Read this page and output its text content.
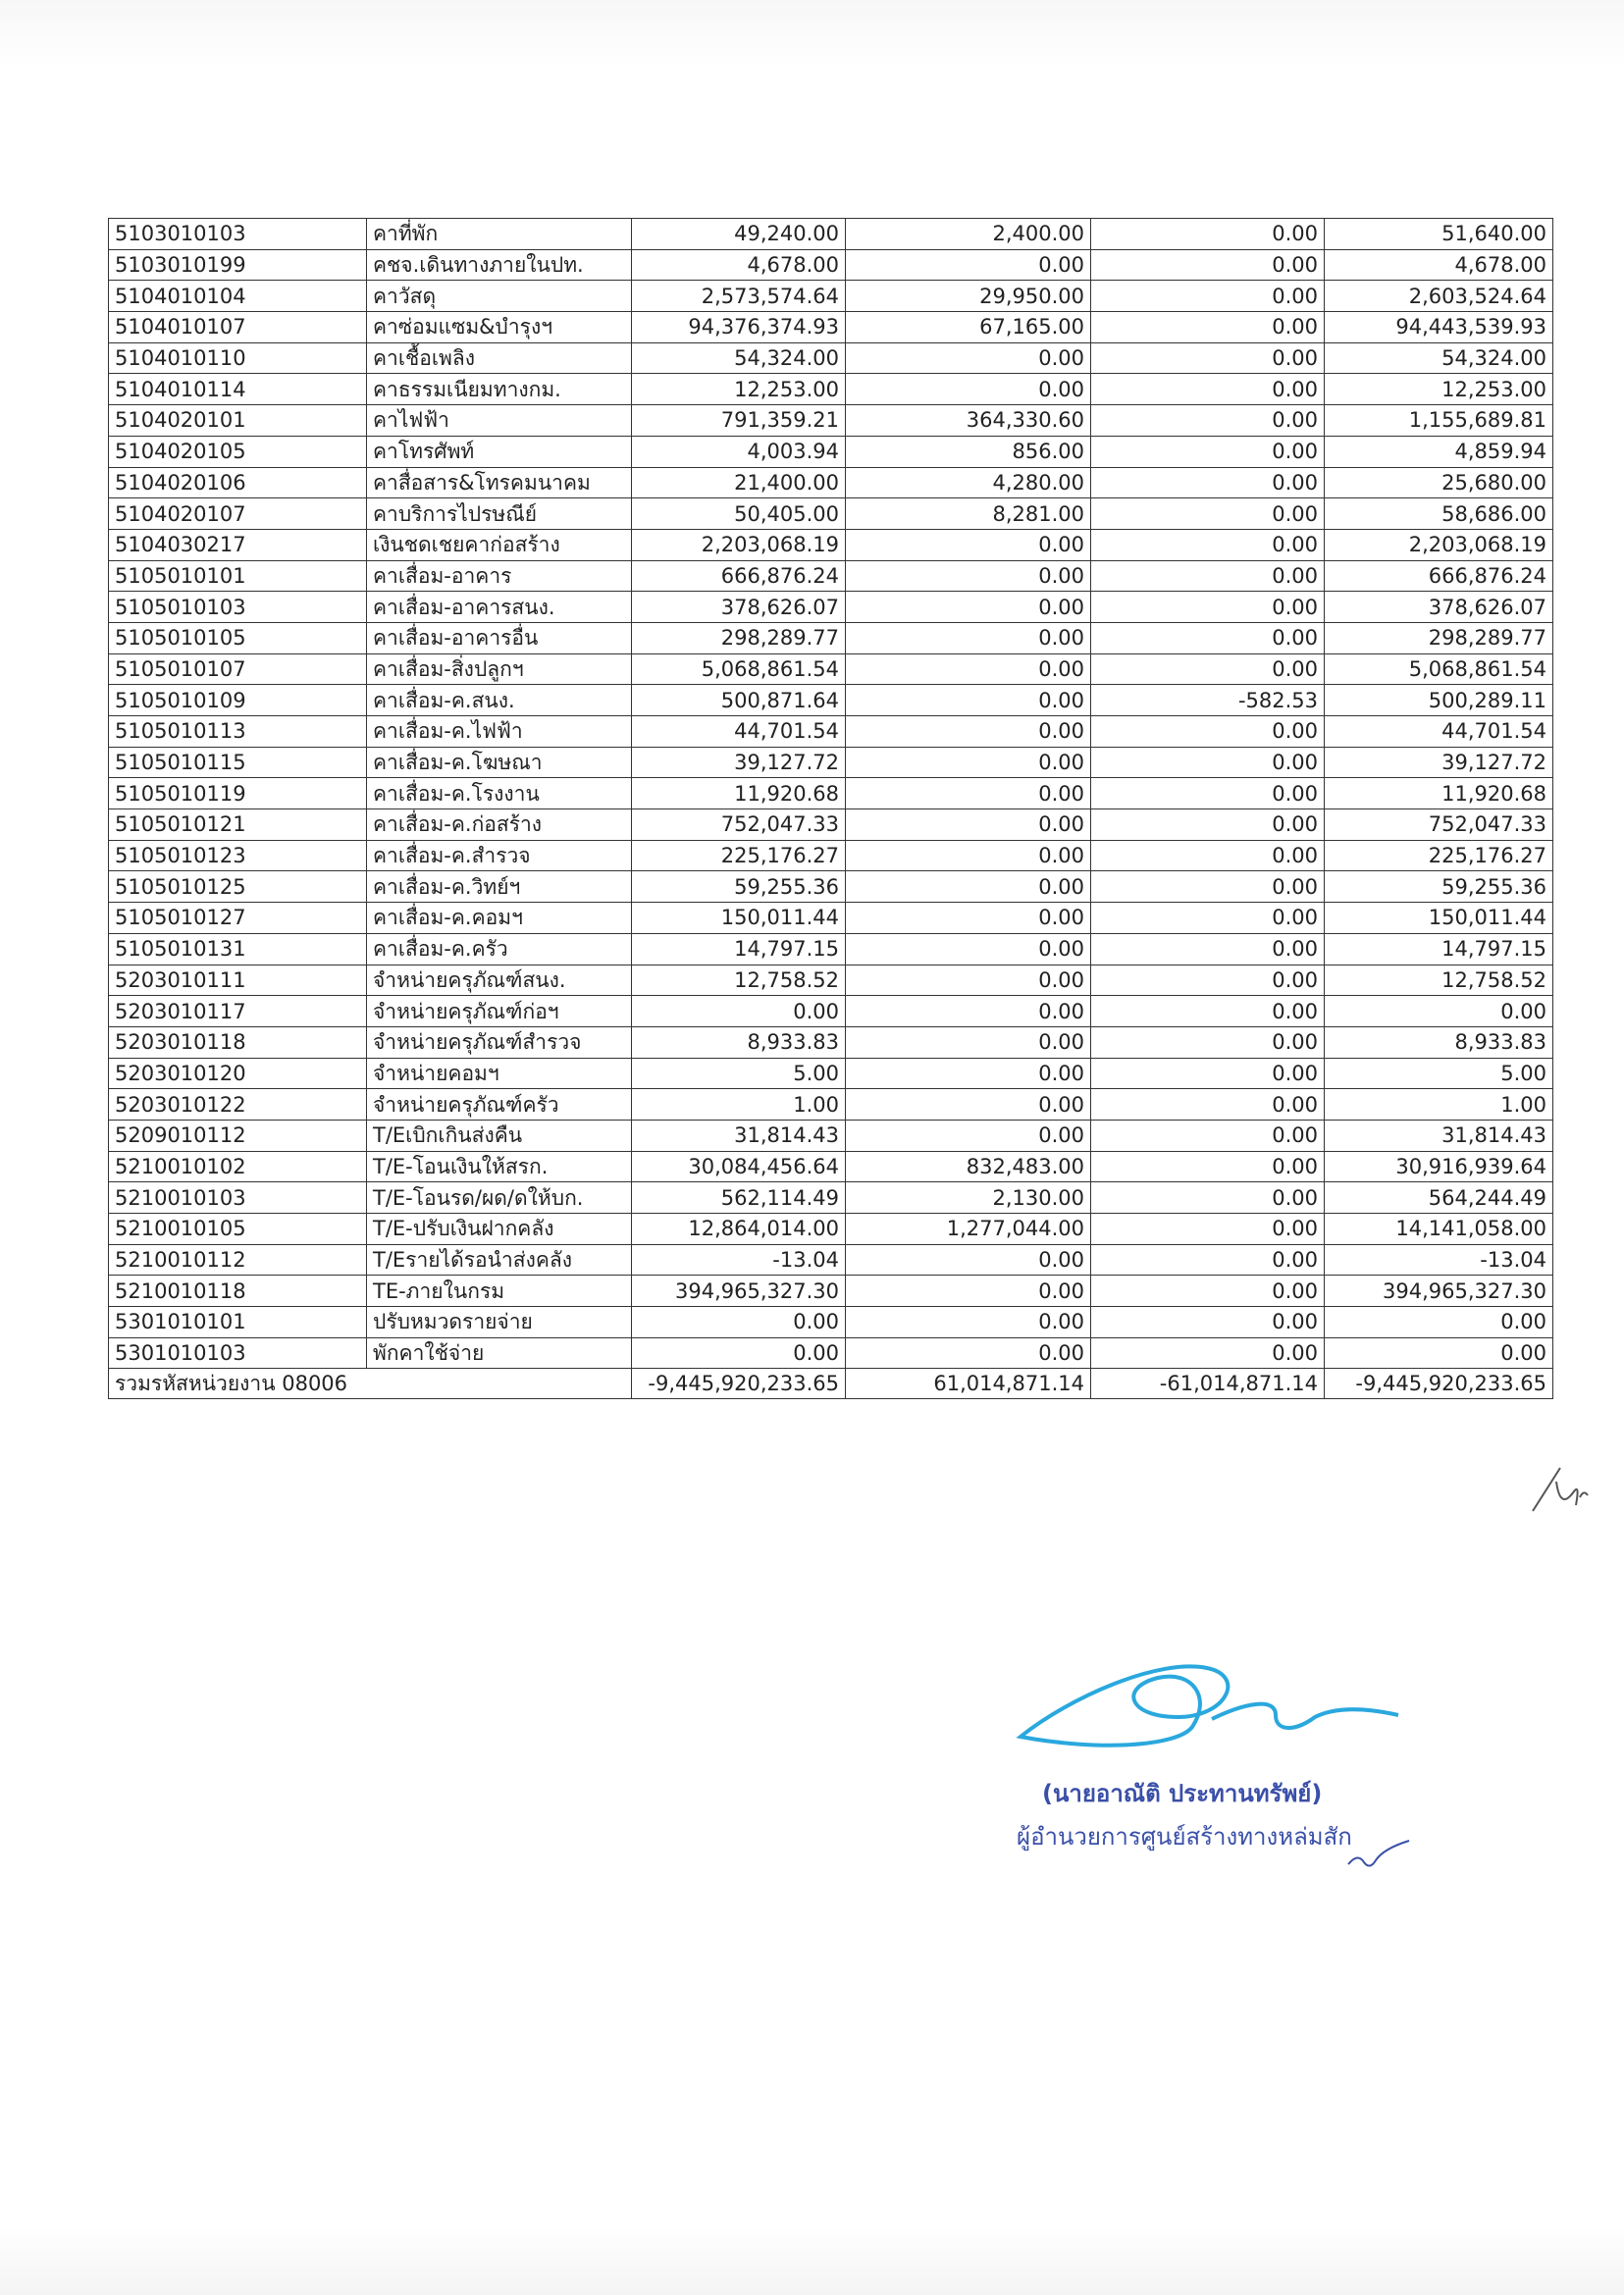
5103010103	คาที่พัก	49,240.00	2,400.00	0.00	51,640.00
5103010199	คชจ.เดินทางภายในปท.	4,678.00	0.00	0.00	4,678.00
5104010104	คาวัสดุ	2,573,574.64	29,950.00	0.00	2,603,524.64
5104010107	คาซ่อมแซม&บำรุงฯ	94,376,374.93	67,165.00	0.00	94,443,539.93
5104010110	คาเชื้อเพลิง	54,324.00	0.00	0.00	54,324.00
5104010114	คาธรรมเนียมทางกม.	12,253.00	0.00	0.00	12,253.00
5104020101	คาไฟฟ้า	791,359.21	364,330.60	0.00	1,155,689.81
5104020105	คาโทรศัพท์	4,003.94	856.00	0.00	4,859.94
5104020106	คาสื่อสาร&โทรคมนาคม	21,400.00	4,280.00	0.00	25,680.00
5104020107	คาบริการไปรษณีย์	50,405.00	8,281.00	0.00	58,686.00
5104030217	เงินชดเชยคาก่อสร้าง	2,203,068.19	0.00	0.00	2,203,068.19
5105010101	คาเสื่อม-อาคาร	666,876.24	0.00	0.00	666,876.24
5105010103	คาเสื่อม-อาคารสนง.	378,626.07	0.00	0.00	378,626.07
5105010105	คาเสื่อม-อาคารอื่น	298,289.77	0.00	0.00	298,289.77
5105010107	คาเสื่อม-สิ่งปลูกฯ	5,068,861.54	0.00	0.00	5,068,861.54
5105010109	คาเสื่อม-ค.สนง.	500,871.64	0.00	-582.53	500,289.11
5105010113	คาเสื่อม-ค.ไฟฟ้า	44,701.54	0.00	0.00	44,701.54
5105010115	คาเสื่อม-ค.โฆษณา	39,127.72	0.00	0.00	39,127.72
5105010119	คาเสื่อม-ค.โรงงาน	11,920.68	0.00	0.00	11,920.68
5105010121	คาเสื่อม-ค.ก่อสร้าง	752,047.33	0.00	0.00	752,047.33
5105010123	คาเสื่อม-ค.สำรวจ	225,176.27	0.00	0.00	225,176.27
5105010125	คาเสื่อม-ค.วิทย์ฯ	59,255.36	0.00	0.00	59,255.36
5105010127	คาเสื่อม-ค.คอมฯ	150,011.44	0.00	0.00	150,011.44
5105010131	คาเสื่อม-ค.ครัว	14,797.15	0.00	0.00	14,797.15
5203010111	จำหน่ายครุภัณฑ์สนง.	12,758.52	0.00	0.00	12,758.52
5203010117	จำหน่ายครุภัณฑ์ก่อฯ	0.00	0.00	0.00	0.00
5203010118	จำหน่ายครุภัณฑ์สำรวจ	8,933.83	0.00	0.00	8,933.83
5203010120	จำหน่ายคอมฯ	5.00	0.00	0.00	5.00
5203010122	จำหน่ายครุภัณฑ์ครัว	1.00	0.00	0.00	1.00
5209010112	T/Eเบิกเกินส่งคืน	31,814.43	0.00	0.00	31,814.43
5210010102	T/E-โอนเงินให้สรก.	30,084,456.64	832,483.00	0.00	30,916,939.64
5210010103	T/E-โอนรด/ผด/ดให้บก.	562,114.49	2,130.00	0.00	564,244.49
5210010105	T/E-ปรับเงินฝากคลัง	12,864,014.00	1,277,044.00	0.00	14,141,058.00
5210010112	T/Eรายได้รอนำส่งคลัง	-13.04	0.00	0.00	-13.04
5210010118	TE-ภายในกรม	394,965,327.30	0.00	0.00	394,965,327.30
5301010101	ปรับหมวดรายจ่าย	0.00	0.00	0.00	0.00
5301010103	พักคาใช้จ่าย	0.00	0.00	0.00	0.00
รวมรหัสหน่วยงาน 08006		-9,445,920,233.65	61,014,871.14	-61,014,871.14	-9,445,920,233.65
(นายอาณัติ ประทานทรัพย์)
ผู้อำนวยการศูนย์สร้างทางหล่มสัก
